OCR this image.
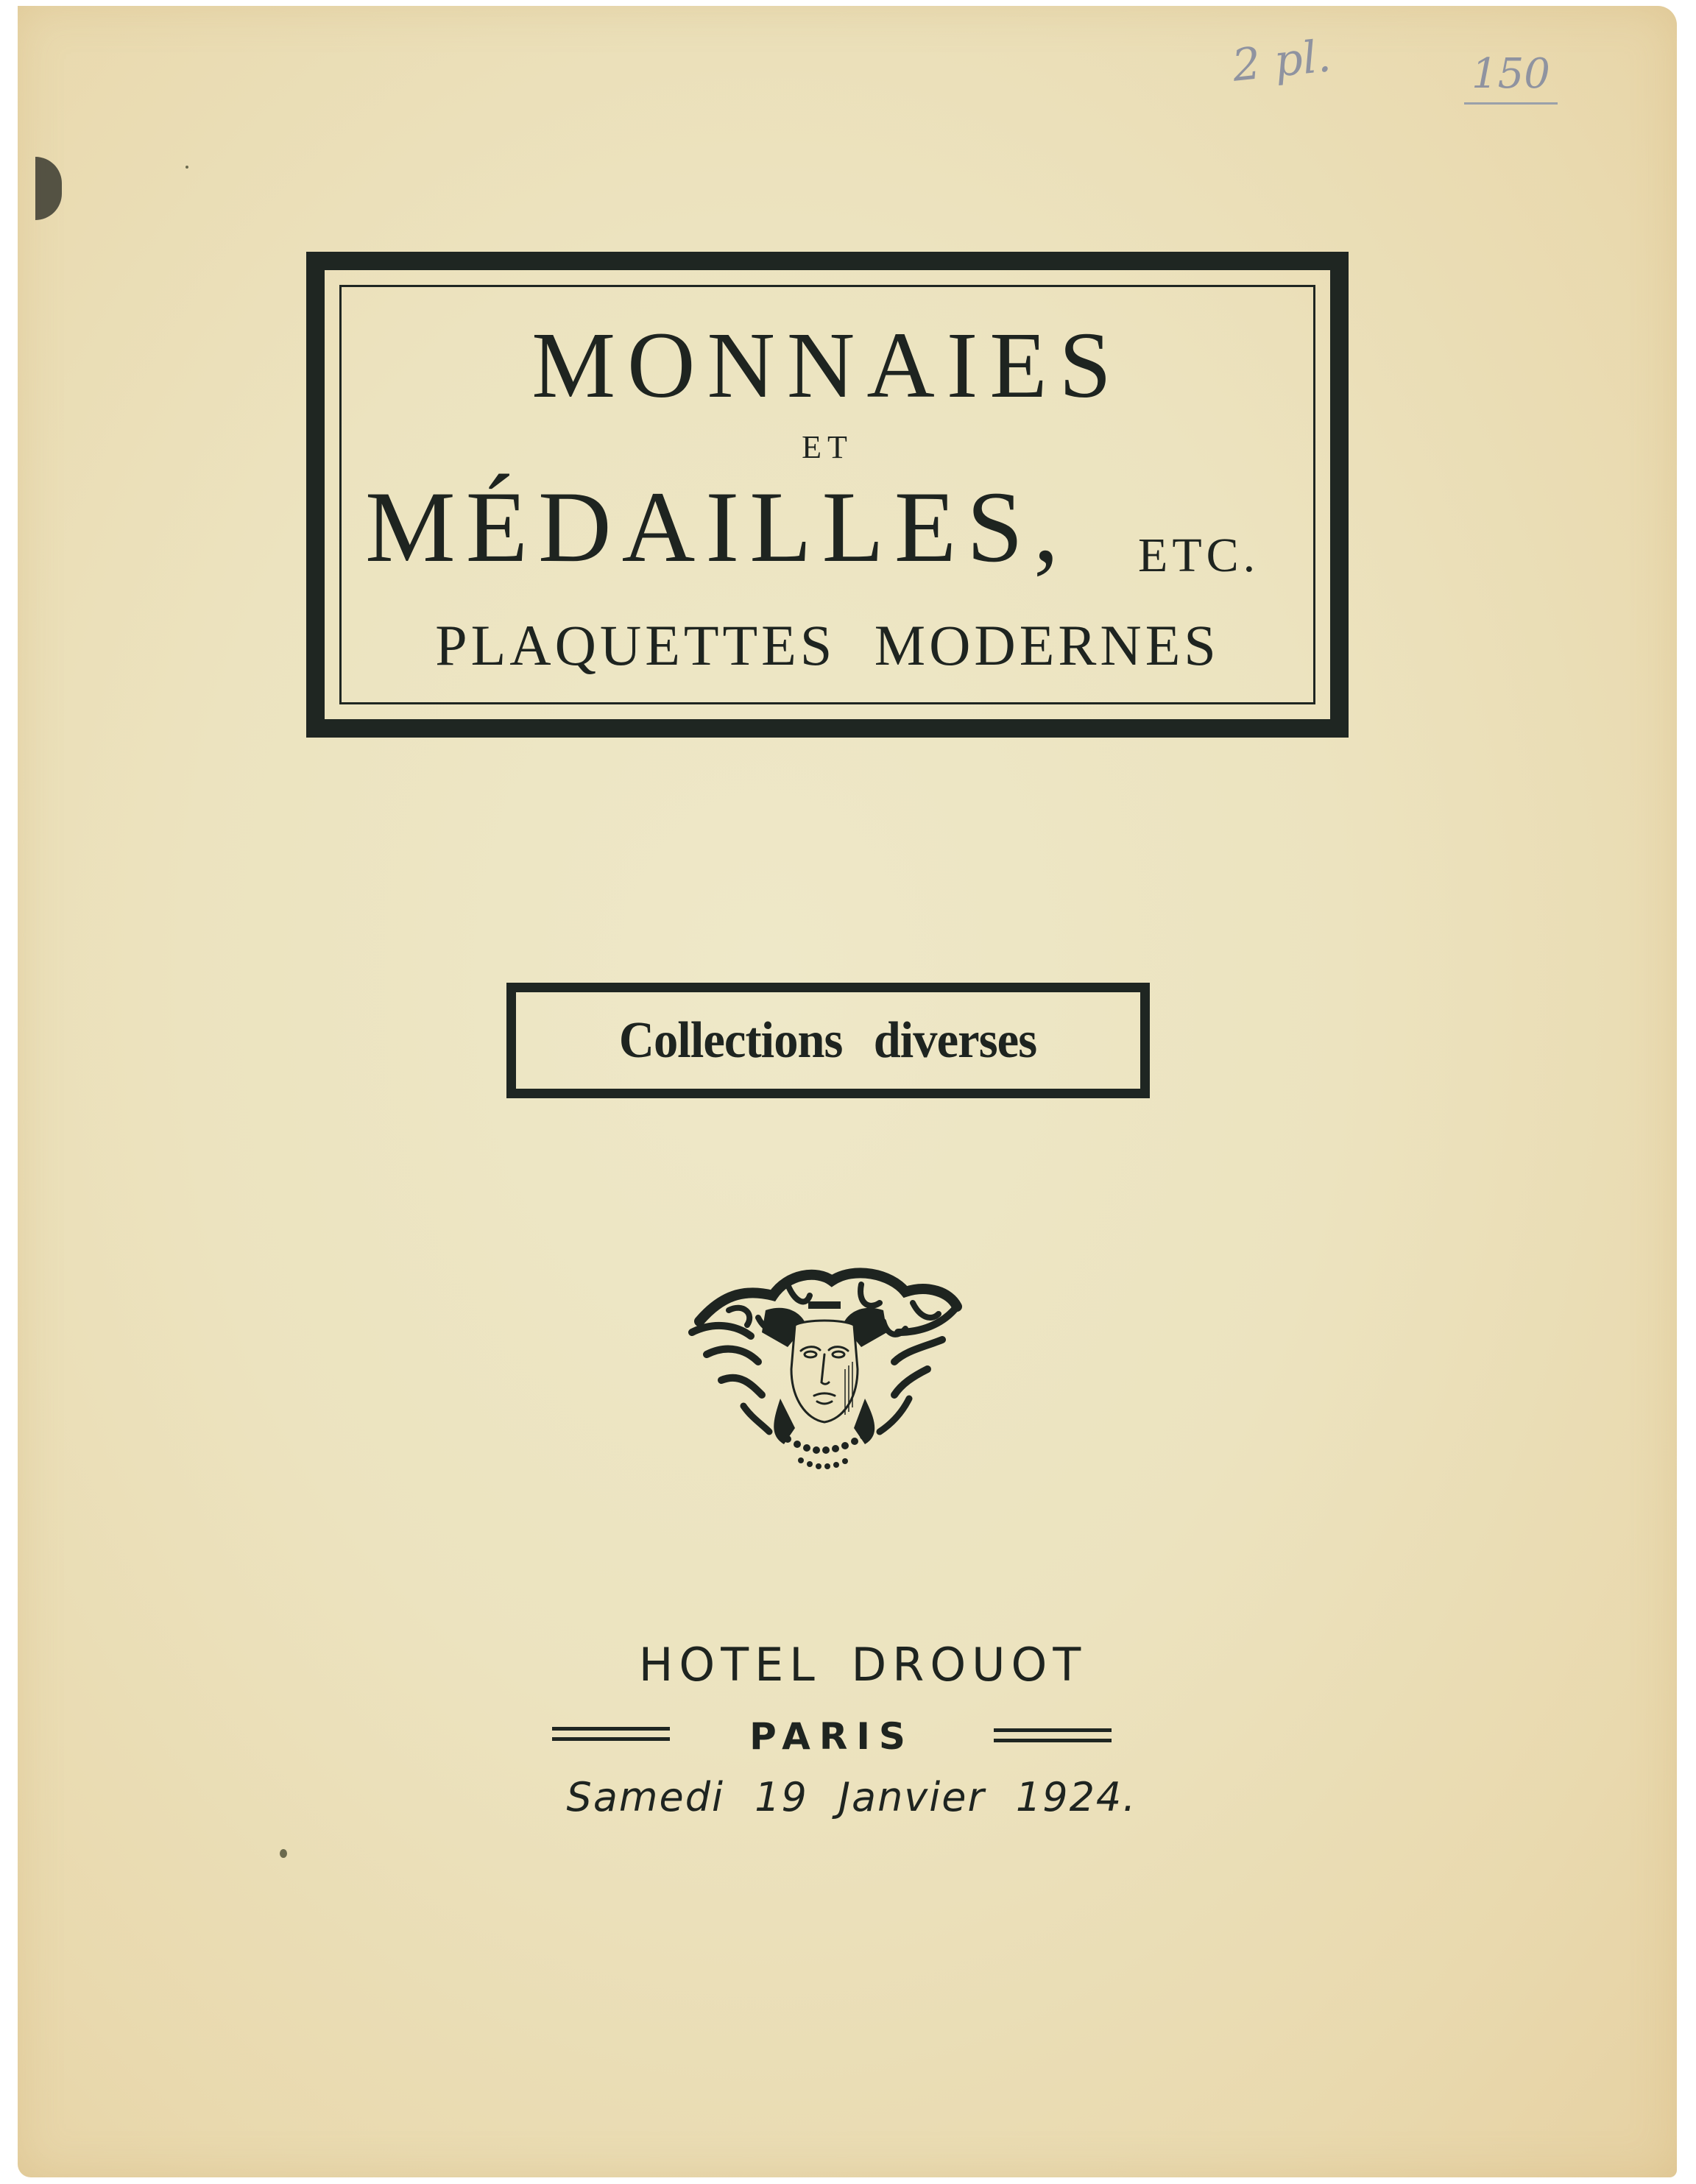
2 pl.	150
MONNAIES
ET
MÉDAILLES, ETC.
PLAQUETTES MODERNES
Collections diverses
HOTEL DROUOT
PARIS
Samedi 19 Janvier 1924.
